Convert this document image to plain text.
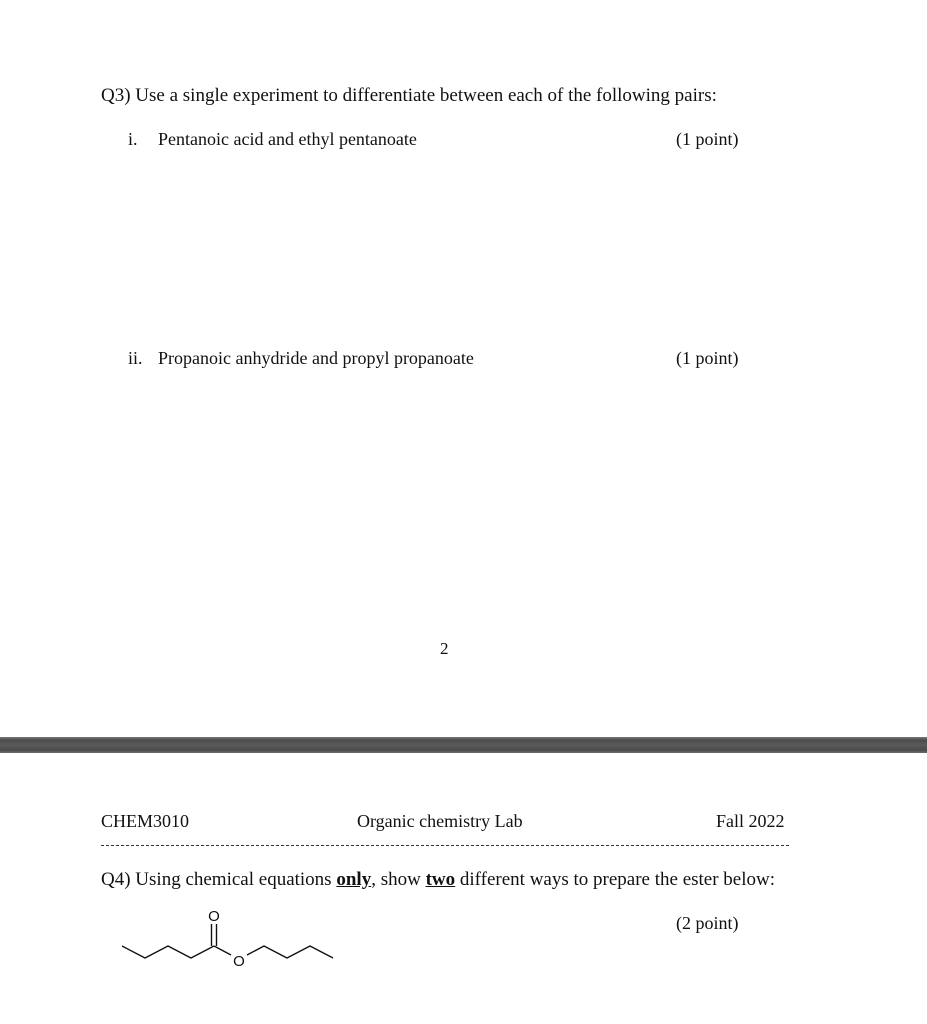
Q3) Use a single experiment to differentiate between each of the following pairs:
i. Pentanoic acid and ethyl pentanoate	(1 point)
ii. Propanoic anhydride and propyl propanoate	(1 point)
2
CHEM3010	Organic chemistry Lab	Fall 2022
Q4) Using chemical equations only, show two different ways to prepare the ester below:
(2 point)
O
O
